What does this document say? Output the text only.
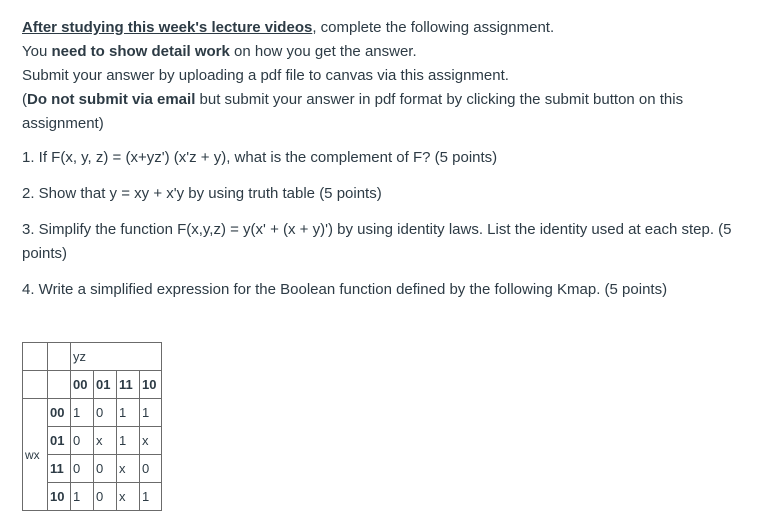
After studying this week's lecture videos, complete the following assignment.

You need to show detail work on how you get the answer.

Submit your answer by uploading a pdf file to canvas via this assignment.

(Do not submit via email but submit your answer in pdf format by clicking the submit button on this assignment)

1. If F(x, y, z) = (x+yz') (x'z + y), what is the complement of F? (5 points)

2. Show that y = xy + x'y by using truth table (5 points)

3. Simplify the function F(x,y,z) = y(x' + (x + y)') by using identity laws. List the identity used at each step. (5 points)

4. Write a simplified expression for the Boolean function defined by the following Kmap. (5 points)

		yz			
		00	01	11	10
wx	00	1	0	1	1
	01	0	x	1	x
	11	0	0	x	0
	10	1	0	x	1
